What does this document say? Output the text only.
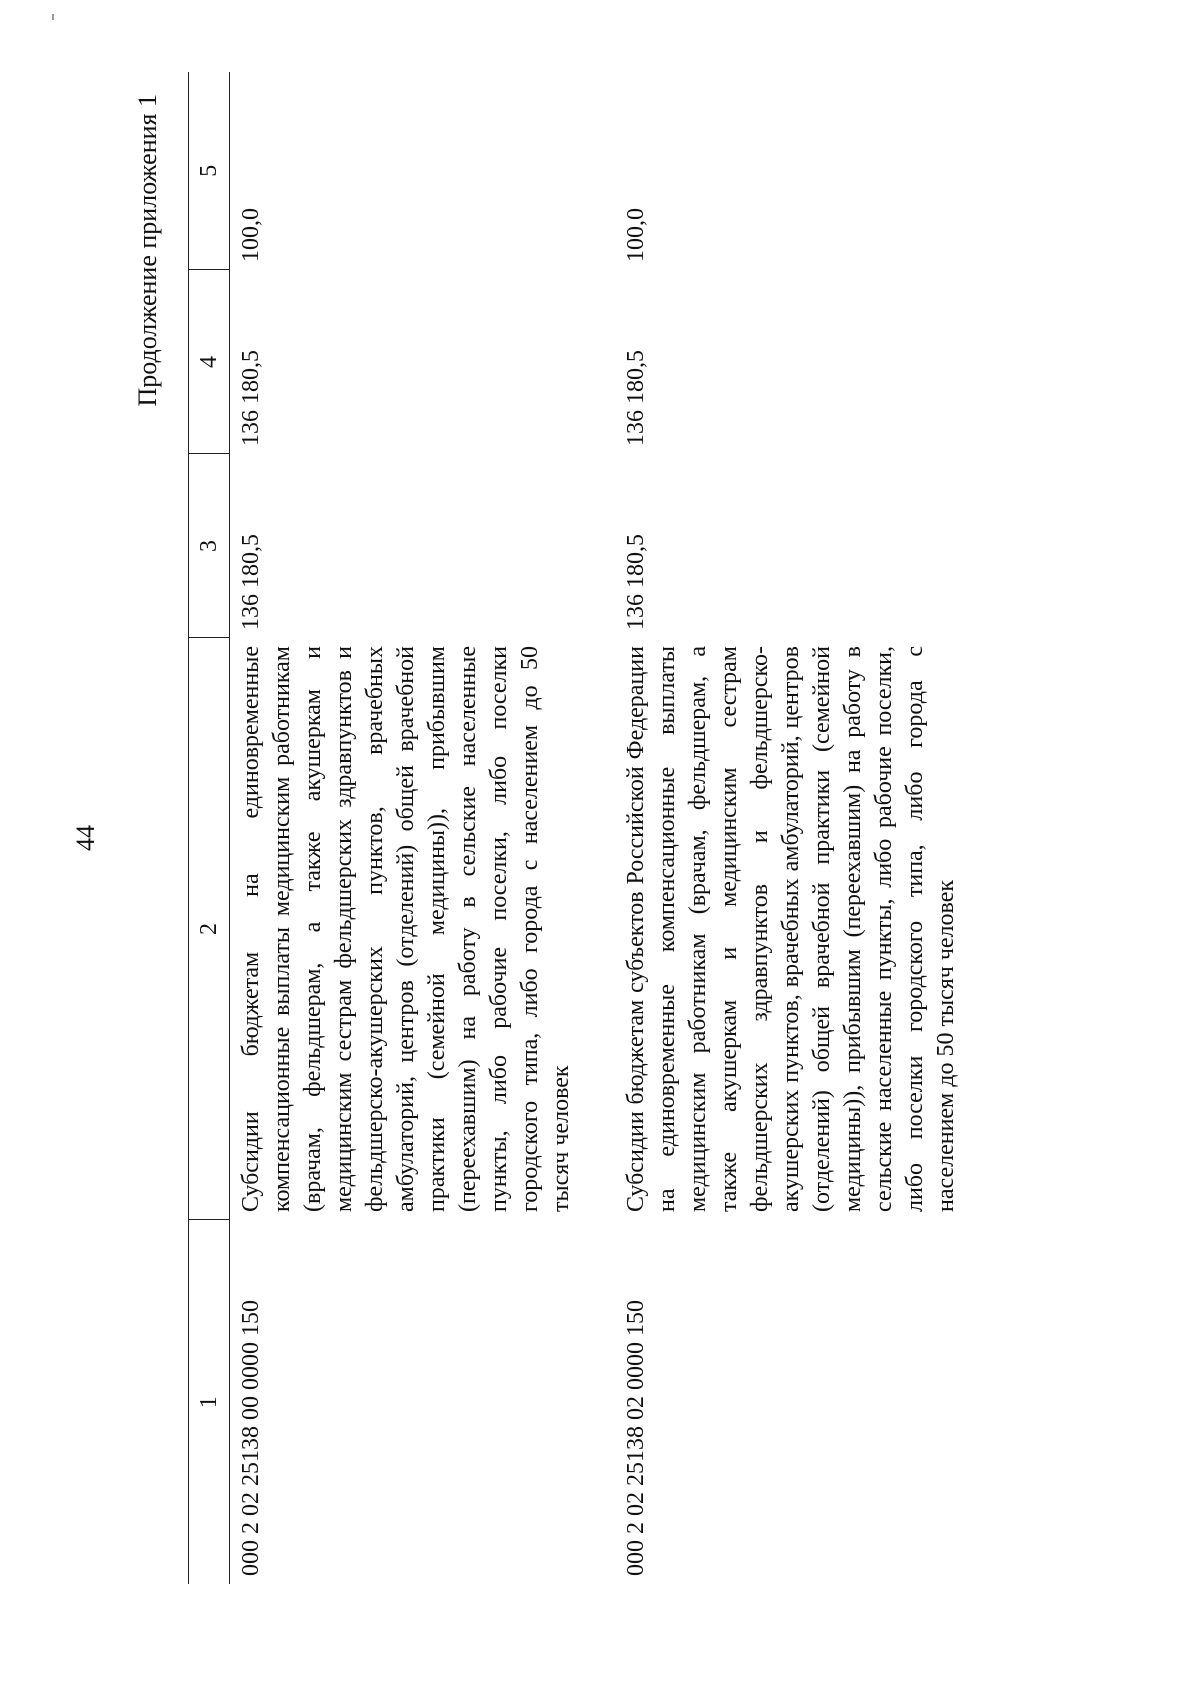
44
Продолжение приложения 1
1	2	3	4	5
000 2 02 25138 00 0000 150	Субсидии бюджетам на единовременные компенсационные выплаты медицинским работникам (врачам, фельдшерам, а также акушеркам и медицинским сестрам фельдшерских здравпунктов и фельдшерско-акушерских пунктов, врачебных амбулаторий, центров (отделений) общей врачебной практики (семейной медицины)), прибывшим (переехавшим) на работу в сельские населенные пункты, либо рабочие поселки, либо поселки городского типа, либо города с населением до 50 тысяч человек	136 180,5	136 180,5	100,0
000 2 02 25138 02 0000 150	Субсидии бюджетам субъектов Российской Федерации на единовременные компенсационные выплаты медицинским работникам (врачам, фельдшерам, а также акушеркам и медицинским сестрам фельдшерских здравпунктов и фельдшерско-акушерских пунктов, врачебных амбулаторий, центров (отделений) общей врачебной практики (семейной медицины)), прибывшим (переехавшим) на работу в сельские населенные пункты, либо рабочие поселки, либо поселки городского типа, либо города с населением до 50 тысяч человек	136 180,5	136 180,5	100,0
